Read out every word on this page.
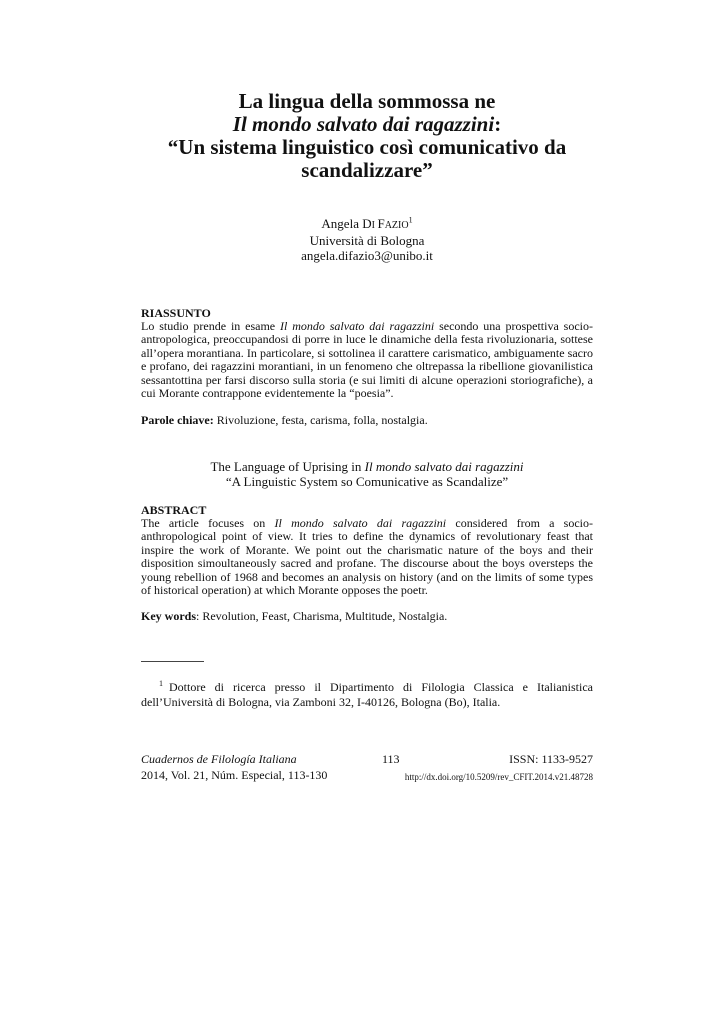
La lingua della sommossa ne
Il mondo salvato dai ragazzini:
“Un sistema linguistico così comunicativo da
scandalizzare”
Angela DI FAZIO$^1$
Università di Bologna
angela.difazio3@unibo.it
RIASSUNTO
Lo studio prende in esame Il mondo salvato dai ragazzini secondo una prospettiva socio-antropologica, preoccupandosi di porre in luce le dinamiche della festa rivoluzionaria, sottese all’opera morantiana. In particolare, si sottolinea il carattere carismatico, ambiguamente sacro e profano, dei ragazzini morantiani, in un fenomeno che oltrepassa la ribellione giovanilistica sessantottina per farsi discorso sulla storia (e sui limiti di alcune operazioni storiografiche), a cui Morante contrappone evidentemente la “poesia”.
Parole chiave: Rivoluzione, festa, carisma, folla, nostalgia.
The Language of Uprising in Il mondo salvato dai ragazzini
“A Linguistic System so Comunicative as Scandalize”
ABSTRACT
The article focuses on Il mondo salvato dai ragazzini considered from a socio-anthropological point of view. It tries to define the dynamics of revolutionary feast that inspire the work of Morante. We point out the charismatic nature of the boys and their disposition simoultaneously sacred and profane. The discourse about the boys oversteps the young rebellion of 1968 and becomes an analysis on history (and on the limits of some types of historical operation) at which Morante opposes the poetr.
Key words: Revolution, Feast, Charisma, Multitude, Nostalgia.
$^1$ Dottore di ricerca presso il Dipartimento di Filologia Classica e Italianistica dell’Università di Bologna, via Zamboni 32, I-40126, Bologna (Bo), Italia.
Cuadernos de Filología Italiana	113	ISSN: 1133-9527
2014, Vol. 21, Núm. Especial, 113-130	http://dx.doi.org/10.5209/rev_CFIT.2014.v21.48728
